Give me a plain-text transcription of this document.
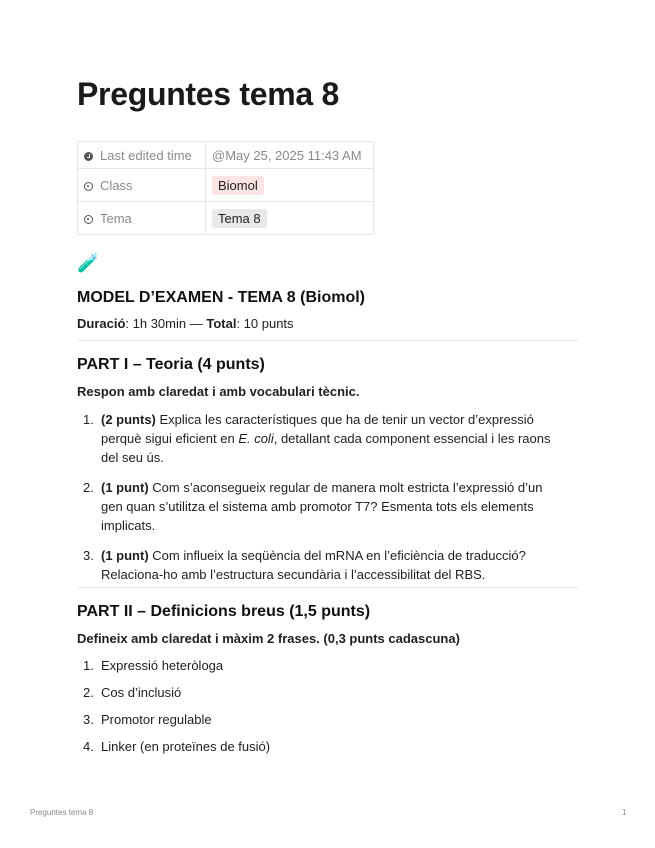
Preguntes tema 8
Last edited time	@May 25, 2025 11:43 AM
Class	Biomol
Tema	Tema 8
🧪
MODEL D’EXAMEN - TEMA 8 (Biomol)
Duració: 1h 30min — Total: 10 punts
PART I – Teoria (4 punts)
Respon amb claredat i amb vocabulari tècnic.
1. (2 punts) Explica les característiques que ha de tenir un vector d’expressió
perquè sigui eficient en E. coli, detallant cada component essencial i les raons
del seu ús.
2. (1 punt) Com s’aconsegueix regular de manera molt estricta l’expressió d’un
gen quan s’utilitza el sistema amb promotor T7? Esmenta tots els elements
implicats.
3. (1 punt) Com influeix la seqüència del mRNA en l’eficiència de traducció?
Relaciona-ho amb l’estructura secundària i l’accessibilitat del RBS.
PART II – Definicions breus (1,5 punts)
Defineix amb claredat i màxim 2 frases. (0,3 punts cadascuna)
1. Expressió heteròloga
2. Cos d’inclusió
3. Promotor regulable
4. Linker (en proteïnes de fusió)
Preguntes tema 8	1
